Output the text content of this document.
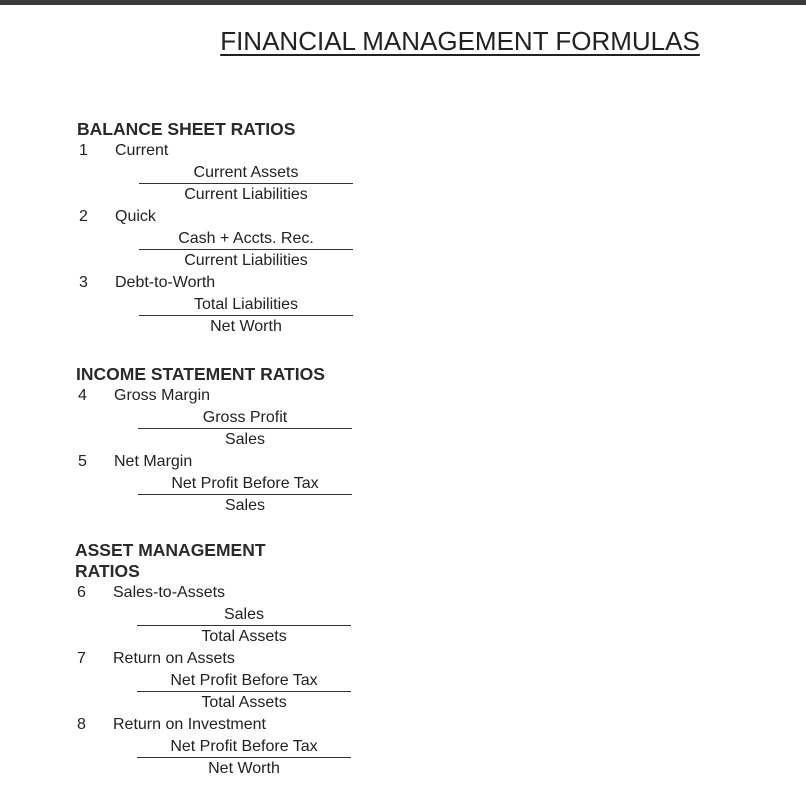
FINANCIAL MANAGEMENT FORMULAS
BALANCE SHEET RATIOS
1	Current
Current Assets
Current Liabilities
2	Quick
Cash + Accts. Rec.
Current Liabilities
3	Debt-to-Worth
Total Liabilities
Net Worth
INCOME STATEMENT RATIOS
4	Gross Margin
Gross Profit
Sales
5	Net Margin
Net Profit Before Tax
Sales
ASSET MANAGEMENT
RATIOS
6	Sales-to-Assets
Sales
Total Assets
7	Return on Assets
Net Profit Before Tax
Total Assets
8	Return on Investment
Net Profit Before Tax
Net Worth
